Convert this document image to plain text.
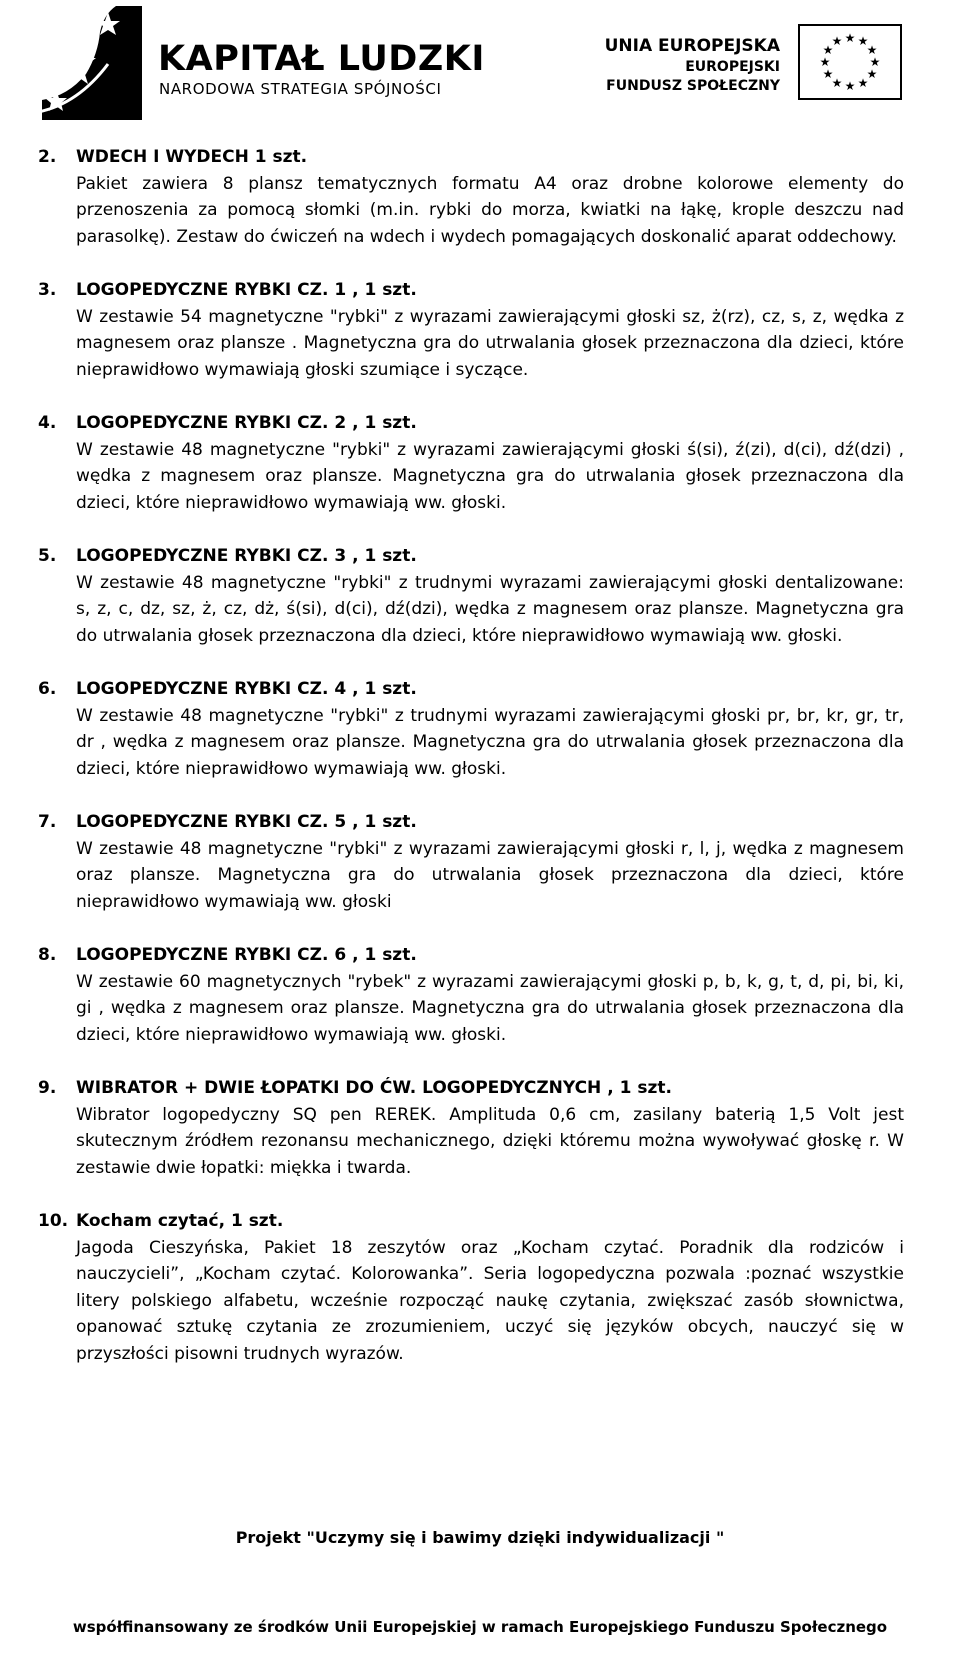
KAPITAŁ LUDZKI
NARODOWA STRATEGIA SPÓJNOŚCI
UNIA EUROPEJSKA
EUROPEJSKI
FUNDUSZ SPOŁECZNY
★ ★
★
★
★
★
★
★
★
★
★
★
2. WDECH I WYDECH 1 szt.
Pakiet zawiera 8 plansz tematycznych formatu A4 oraz drobne kolorowe elementy do przenoszenia za pomocą słomki (m.in. rybki do morza, kwiatki na łąkę, krople deszczu nad parasolkę). Zestaw do ćwiczeń na wdech i wydech pomagających doskonalić aparat oddechowy.
3. LOGOPEDYCZNE RYBKI CZ. 1 , 1 szt.
W zestawie 54 magnetyczne "rybki" z wyrazami zawierającymi głoski sz, ż(rz), cz, s, z, wędka z magnesem oraz plansze . Magnetyczna gra do utrwalania głosek przeznaczona dla dzieci, które nieprawidłowo wymawiają głoski szumiące i syczące.
4. LOGOPEDYCZNE RYBKI CZ. 2 , 1 szt.
W zestawie 48 magnetyczne "rybki" z wyrazami zawierającymi głoski ś(si), ź(zi), d(ci), dź(dzi) , wędka z magnesem oraz plansze. Magnetyczna gra do utrwalania głosek przeznaczona dla dzieci, które nieprawidłowo wymawiają ww. głoski.
5. LOGOPEDYCZNE RYBKI CZ. 3 , 1 szt.
W zestawie 48 magnetyczne "rybki" z trudnymi wyrazami zawierającymi głoski dentalizowane: s, z, c, dz, sz, ż, cz, dż, ś(si), d(ci), dź(dzi), wędka z magnesem oraz plansze. Magnetyczna gra do utrwalania głosek przeznaczona dla dzieci, które nieprawidłowo wymawiają ww. głoski.
6. LOGOPEDYCZNE RYBKI CZ. 4 , 1 szt.
W zestawie 48 magnetyczne "rybki" z trudnymi wyrazami zawierającymi głoski pr, br, kr, gr, tr, dr , wędka z magnesem oraz plansze. Magnetyczna gra do utrwalania głosek przeznaczona dla dzieci, które nieprawidłowo wymawiają ww. głoski.
7. LOGOPEDYCZNE RYBKI CZ. 5 , 1 szt.
W zestawie 48 magnetyczne "rybki" z wyrazami zawierającymi głoski r, l, j, wędka z magnesem oraz plansze. Magnetyczna gra do utrwalania głosek przeznaczona dla dzieci, które nieprawidłowo wymawiają ww. głoski
8. LOGOPEDYCZNE RYBKI CZ. 6 , 1 szt.
W zestawie 60 magnetycznych "rybek" z wyrazami zawierającymi głoski p, b, k, g, t, d, pi, bi, ki, gi , wędka z magnesem oraz plansze. Magnetyczna gra do utrwalania głosek przeznaczona dla dzieci, które nieprawidłowo wymawiają ww. głoski.
9. WIBRATOR + DWIE ŁOPATKI DO ĆW. LOGOPEDYCZNYCH , 1 szt.
Wibrator logopedyczny SQ pen REREK. Amplituda 0,6 cm, zasilany baterią 1,5 Volt jest skutecznym źródłem rezonansu mechanicznego, dzięki któremu można wywoływać głoskę r. W zestawie dwie łopatki: miękka i twarda.
10. Kocham czytać, 1 szt.
Jagoda Cieszyńska, Pakiet 18 zeszytów oraz „Kocham czytać. Poradnik dla rodziców i nauczycieli”, „Kocham czytać. Kolorowanka”. Seria logopedyczna pozwala :poznać wszystkie litery polskiego alfabetu, wcześnie rozpocząć naukę czytania, zwiększać zasób słownictwa, opanować sztukę czytania ze zrozumieniem, uczyć się języków obcych, nauczyć się w przyszłości pisowni trudnych wyrazów.
Projekt "Uczymy się i bawimy dzięki indywidualizacji "
współfinansowany ze środków Unii Europejskiej w ramach Europejskiego Funduszu Społecznego
